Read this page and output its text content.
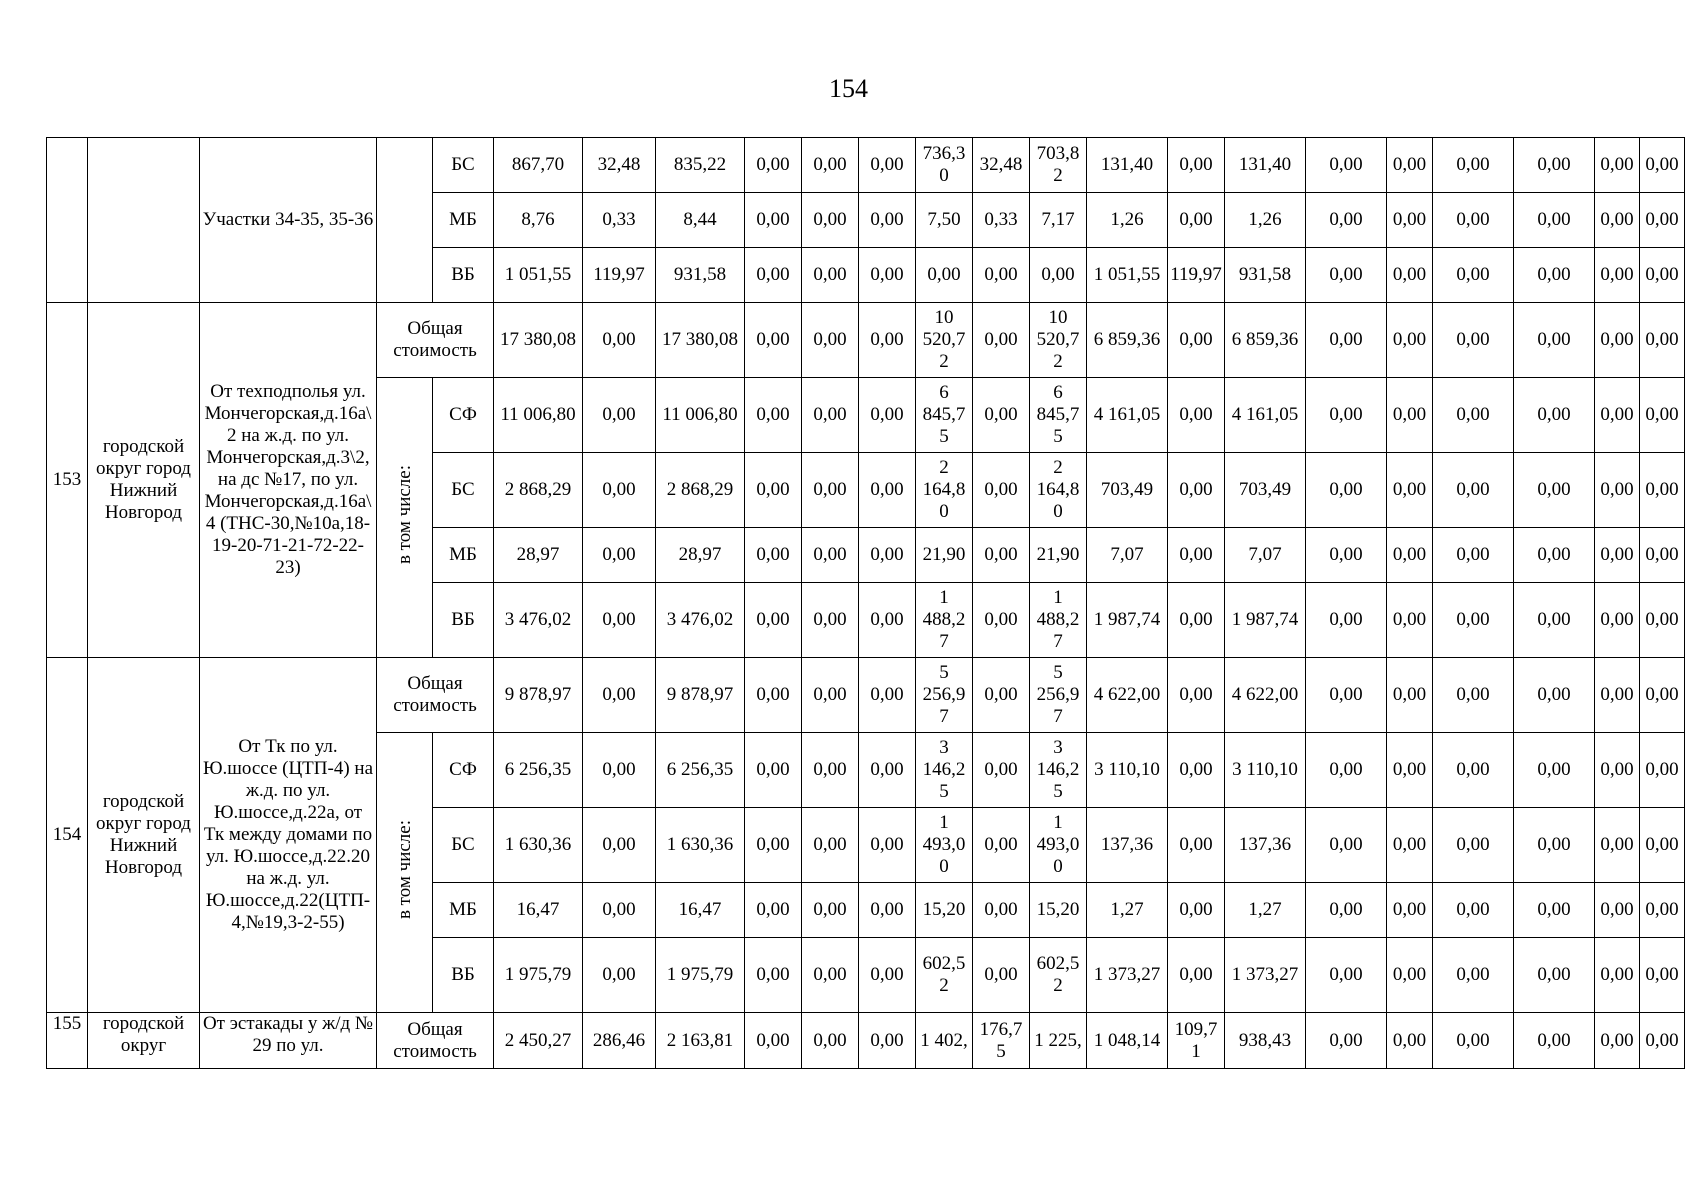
154
		Участки 34-35, 35-36		БС	867,70	32,48	835,22	0,00	0,00	0,00	736,30	32,48	703,82	131,40	0,00	131,40	0,00	0,00	0,00	0,00	0,00	0,00
				МБ	8,76	0,33	8,44	0,00	0,00	0,00	7,50	0,33	7,17	1,26	0,00	1,26	0,00	0,00	0,00	0,00	0,00	0,00
				ВБ	1 051,55	119,97	931,58	0,00	0,00	0,00	0,00	0,00	0,00	1 051,55	119,97	931,58	0,00	0,00	0,00	0,00	0,00	0,00
153	городской округ город Нижний Новгород	От техподполья ул. Мончегорская,д.16а\2 на ж.д. по ул. Мончегорская,д.3\2, на дс №17, по ул. Мончегорская,д.16а\4 (ТНС-30,№10а,18-19-20-71-21-72-22-23)	Общая стоимость		17 380,08	0,00	17 380,08	0,00	0,00	0,00	10 520,72	0,00	10 520,72	6 859,36	0,00	6 859,36	0,00	0,00	0,00	0,00	0,00	0,00
			в том числе:	СФ	11 006,80	0,00	11 006,80	0,00	0,00	0,00	6 845,75	0,00	6 845,75	4 161,05	0,00	4 161,05	0,00	0,00	0,00	0,00	0,00	0,00
				БС	2 868,29	0,00	2 868,29	0,00	0,00	0,00	2 164,80	0,00	2 164,80	703,49	0,00	703,49	0,00	0,00	0,00	0,00	0,00	0,00
				МБ	28,97	0,00	28,97	0,00	0,00	0,00	21,90	0,00	21,90	7,07	0,00	7,07	0,00	0,00	0,00	0,00	0,00	0,00
				ВБ	3 476,02	0,00	3 476,02	0,00	0,00	0,00	1 488,27	0,00	1 488,27	1 987,74	0,00	1 987,74	0,00	0,00	0,00	0,00	0,00	0,00
154	городской округ город Нижний Новгород	От Тк по ул. Ю.шоссе (ЦТП-4) на ж.д. по ул. Ю.шоссе,д.22а, от Тк между домами по ул. Ю.шоссе,д.22.20 на ж.д. ул. Ю.шоссе,д.22(ЦТП-4,№19,3-2-55)	Общая стоимость		9 878,97	0,00	9 878,97	0,00	0,00	0,00	5 256,97	0,00	5 256,97	4 622,00	0,00	4 622,00	0,00	0,00	0,00	0,00	0,00	0,00
			в том числе:	СФ	6 256,35	0,00	6 256,35	0,00	0,00	0,00	3 146,25	0,00	3 146,25	3 110,10	0,00	3 110,10	0,00	0,00	0,00	0,00	0,00	0,00
				БС	1 630,36	0,00	1 630,36	0,00	0,00	0,00	1 493,00	0,00	1 493,00	137,36	0,00	137,36	0,00	0,00	0,00	0,00	0,00	0,00
				МБ	16,47	0,00	16,47	0,00	0,00	0,00	15,20	0,00	15,20	1,27	0,00	1,27	0,00	0,00	0,00	0,00	0,00	0,00
				ВБ	1 975,79	0,00	1 975,79	0,00	0,00	0,00	602,52	0,00	602,52	1 373,27	0,00	1 373,27	0,00	0,00	0,00	0,00	0,00	0,00
155	городской округ	От эстакады у ж/д № 29 по ул.	Общая стоимость		2 450,27	286,46	2 163,81	0,00	0,00	0,00	1 402,	176,75	1 225,	1 048,14	109,71	938,43	0,00	0,00	0,00	0,00	0,00	0,00
